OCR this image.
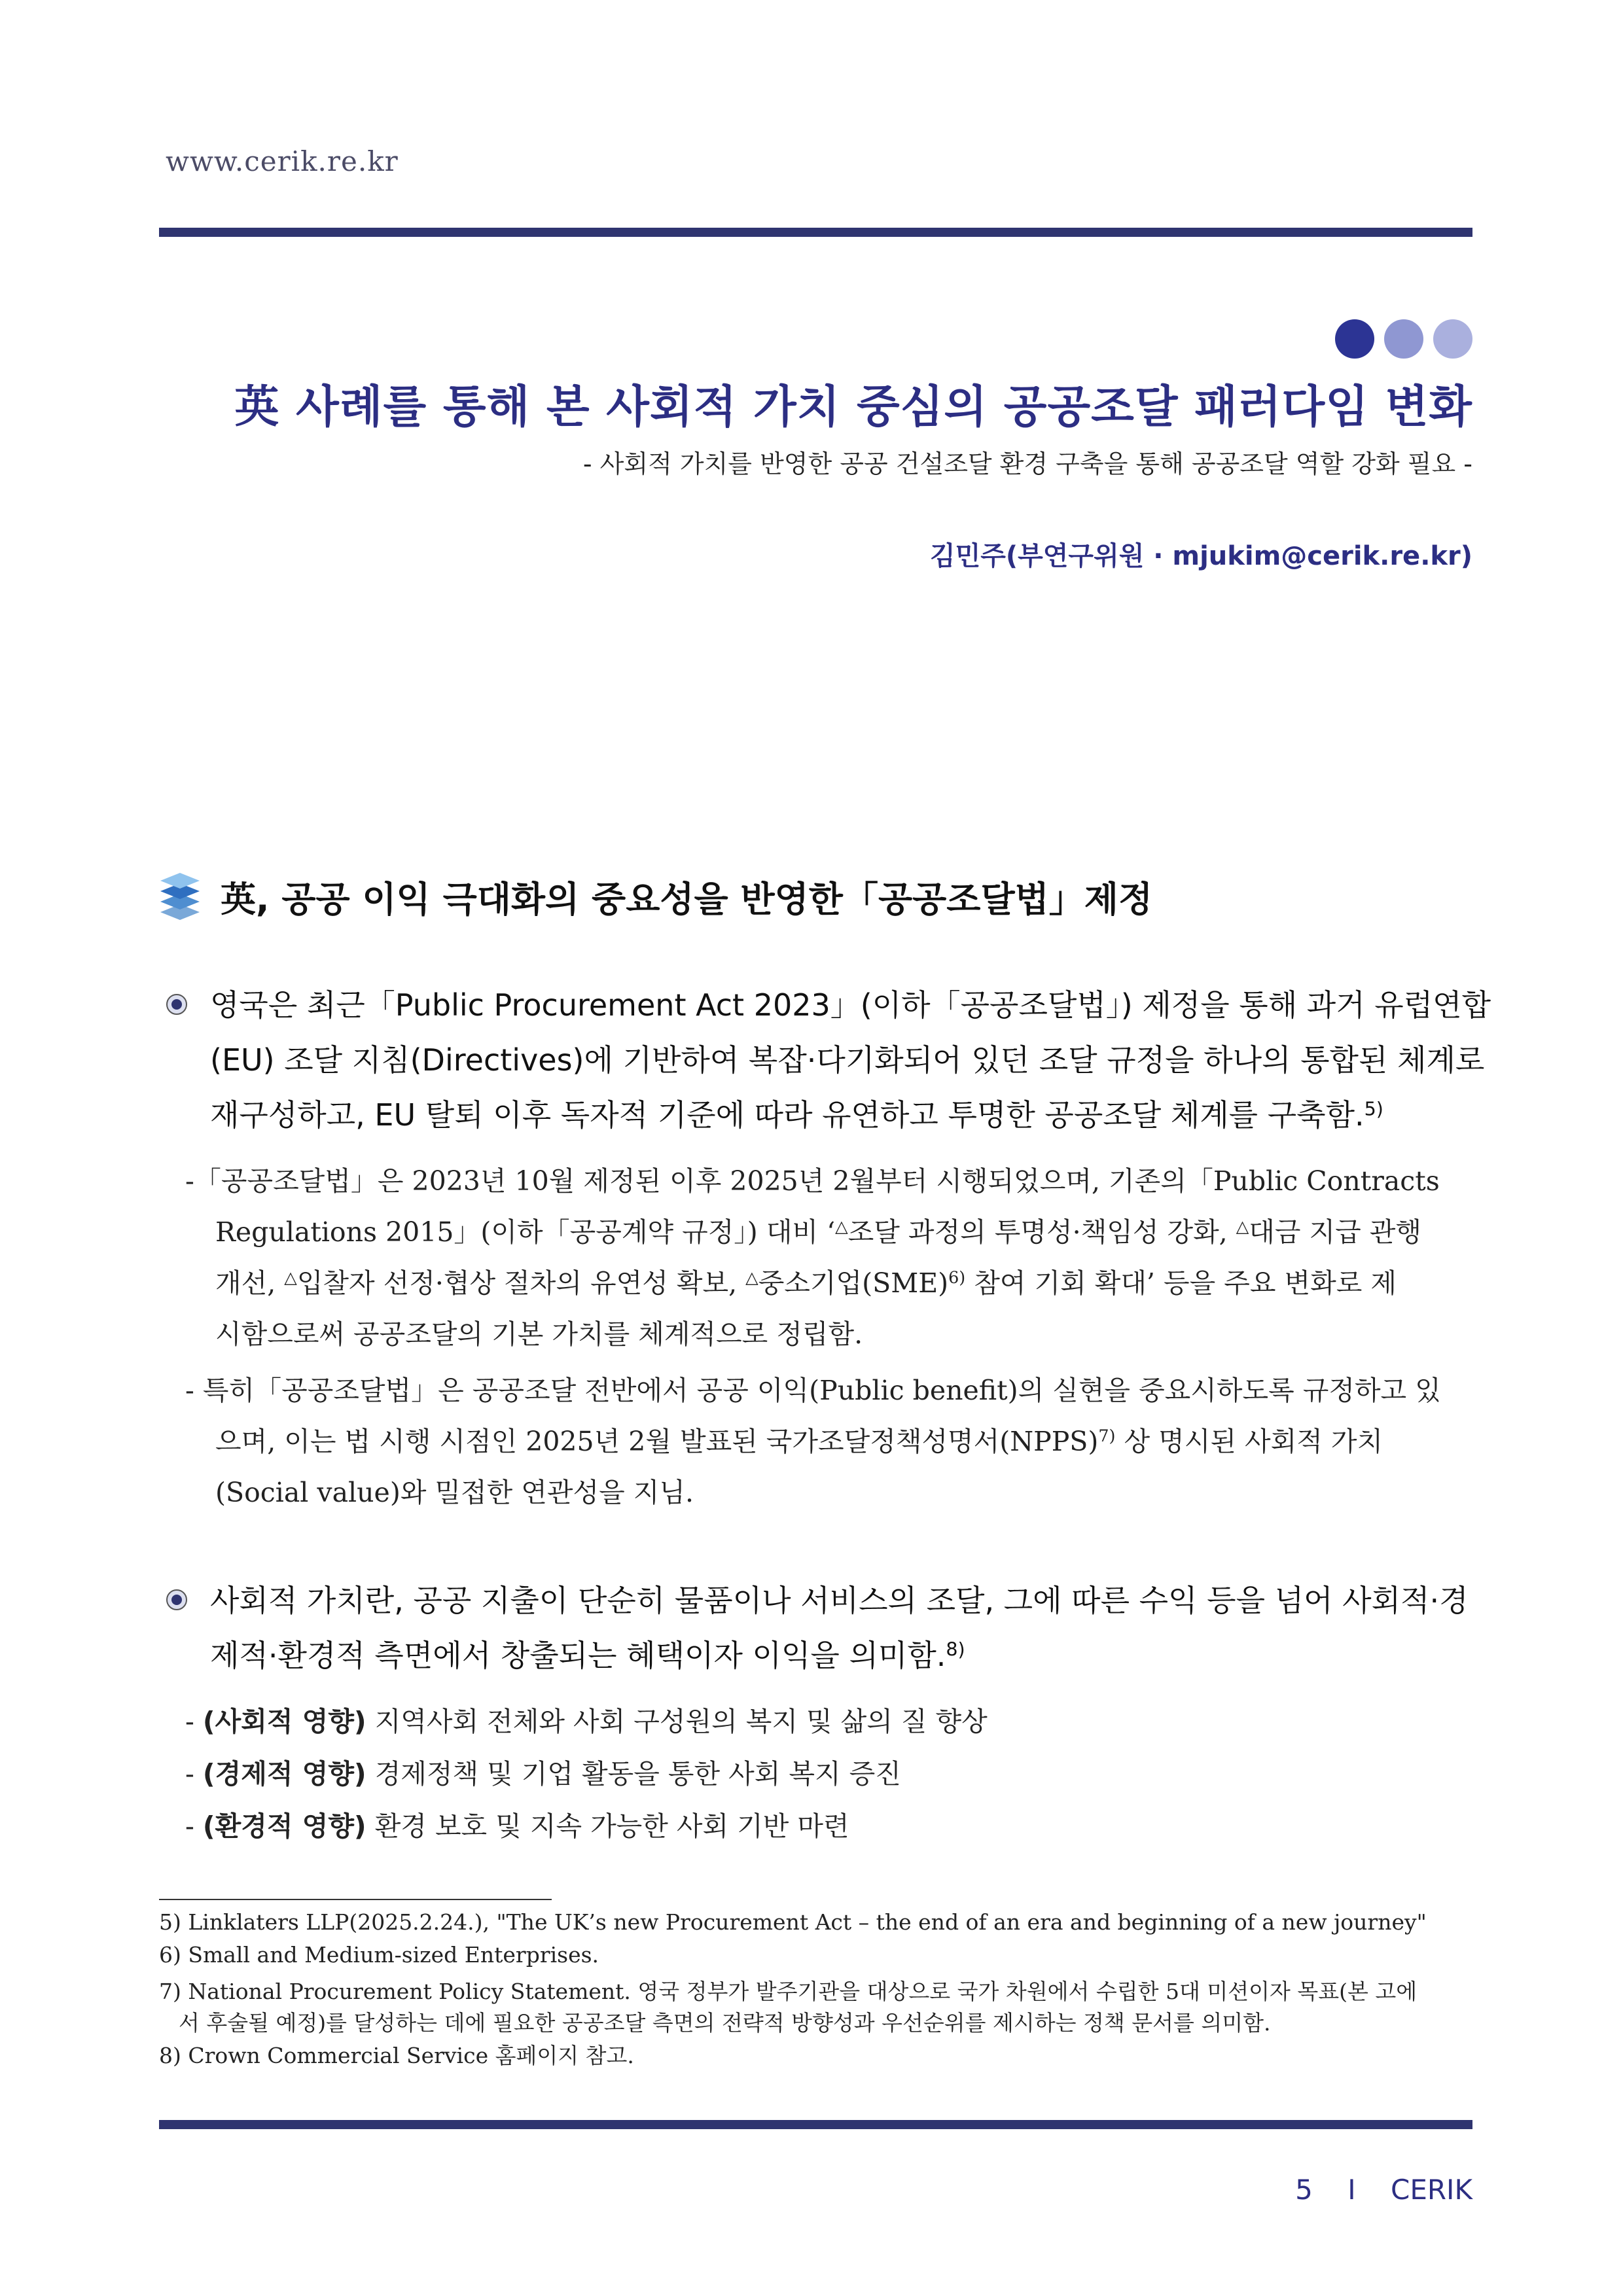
www.cerik.re.kr
英 사례를 통해 본 사회적 가치 중심의 공공조달 패러다임 변화
- 사회적 가치를 반영한 공공 건설조달 환경 구축을 통해 공공조달 역할 강화 필요 -
김민주(부연구위원 · mjukim@cerik.re.kr)
英, 공공 이익 극대화의 중요성을 반영한「공공조달법」제정
영국은 최근「Public Procurement Act 2023」(이하「공공조달법」) 제정을 통해 과거 유럽연합
(EU) 조달 지침(Directives)에 기반하여 복잡·다기화되어 있던 조달 규정을 하나의 통합된 체계로
재구성하고, EU 탈퇴 이후 독자적 기준에 따라 유연하고 투명한 공공조달 체계를 구축함.$^{5)}$
-「공공조달법」은 2023년 10월 제정된 이후 2025년 2월부터 시행되었으며, 기존의「Public Contracts
Regulations 2015」(이하「공공계약 규정」) 대비 ‘△조달 과정의 투명성·책임성 강화, △대금 지급 관행
개선, △입찰자 선정·협상 절차의 유연성 확보, △중소기업(SME)$^{6)}$ 참여 기회 확대’ 등을 주요 변화로 제
시함으로써 공공조달의 기본 가치를 체계적으로 정립함.
- 특히「공공조달법」은 공공조달 전반에서 공공 이익(Public benefit)의 실현을 중요시하도록 규정하고 있
으며, 이는 법 시행 시점인 2025년 2월 발표된 국가조달정책성명서(NPPS)$^{7)}$ 상 명시된 사회적 가치
(Social value)와 밀접한 연관성을 지님.
사회적 가치란, 공공 지출이 단순히 물품이나 서비스의 조달, 그에 따른 수익 등을 넘어 사회적·경
제적·환경적 측면에서 창출되는 혜택이자 이익을 의미함.$^{8)}$
- (사회적 영향) 지역사회 전체와 사회 구성원의 복지 및 삶의 질 향상
- (경제적 영향) 경제정책 및 기업 활동을 통한 사회 복지 증진
- (환경적 영향) 환경 보호 및 지속 가능한 사회 기반 마련
5) Linklaters LLP(2025.2.24.), "The UK’s new Procurement Act – the end of an era and beginning of a new journey"
6) Small and Medium-sized Enterprises.
7) National Procurement Policy Statement. 영국 정부가 발주기관을 대상으로 국가 차원에서 수립한 5대 미션이자 목표(본 고에
서 후술될 예정)를 달성하는 데에 필요한 공공조달 측면의 전략적 방향성과 우선순위를 제시하는 정책 문서를 의미함.
8) Crown Commercial Service 홈페이지 참고.
5 I CERIK
